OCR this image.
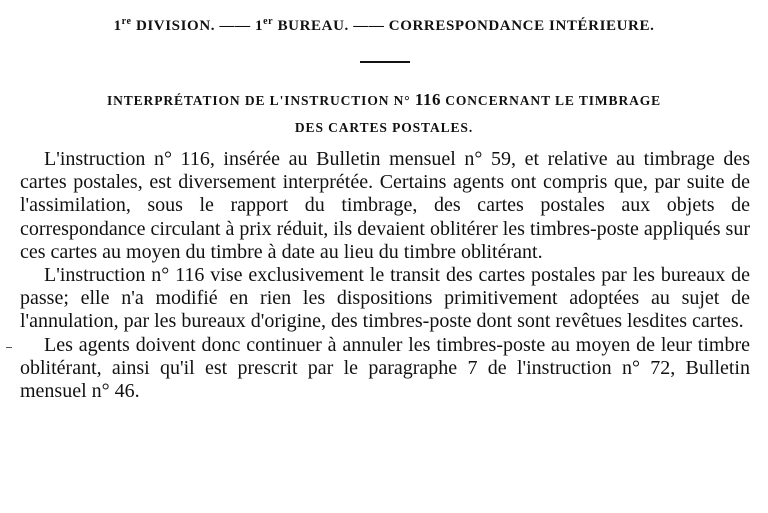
1re DIVISION. —— 1er BUREAU. —— CORRESPONDANCE INTÉRIEURE.
INTERPRÉTATION DE L'INSTRUCTION N° 116 CONCERNANT LE TIMBRAGE
DES CARTES POSTALES.

L'instruction n° 116, insérée au Bulletin mensuel n° 59, et relative au timbrage des cartes postales, est diversement interprétée. Certains agents ont compris que, par suite de l'assimilation, sous le rapport du timbrage, des cartes postales aux objets de correspondance circulant à prix réduit, ils devaient oblitérer les timbres-poste appliqués sur ces cartes au moyen du timbre à date au lieu du timbre oblitérant.

L'instruction n° 116 vise exclusivement le transit des cartes postales par les bureaux de passe; elle n'a modifié en rien les dispositions primitivement adoptées au sujet de l'annulation, par les bureaux d'origine, des timbres-poste dont sont revêtues lesdites cartes.

Les agents doivent donc continuer à annuler les timbres-poste au moyen de leur timbre oblitérant, ainsi qu'il est prescrit par le paragraphe 7 de l'instruction n° 72, Bulletin mensuel n° 46.
